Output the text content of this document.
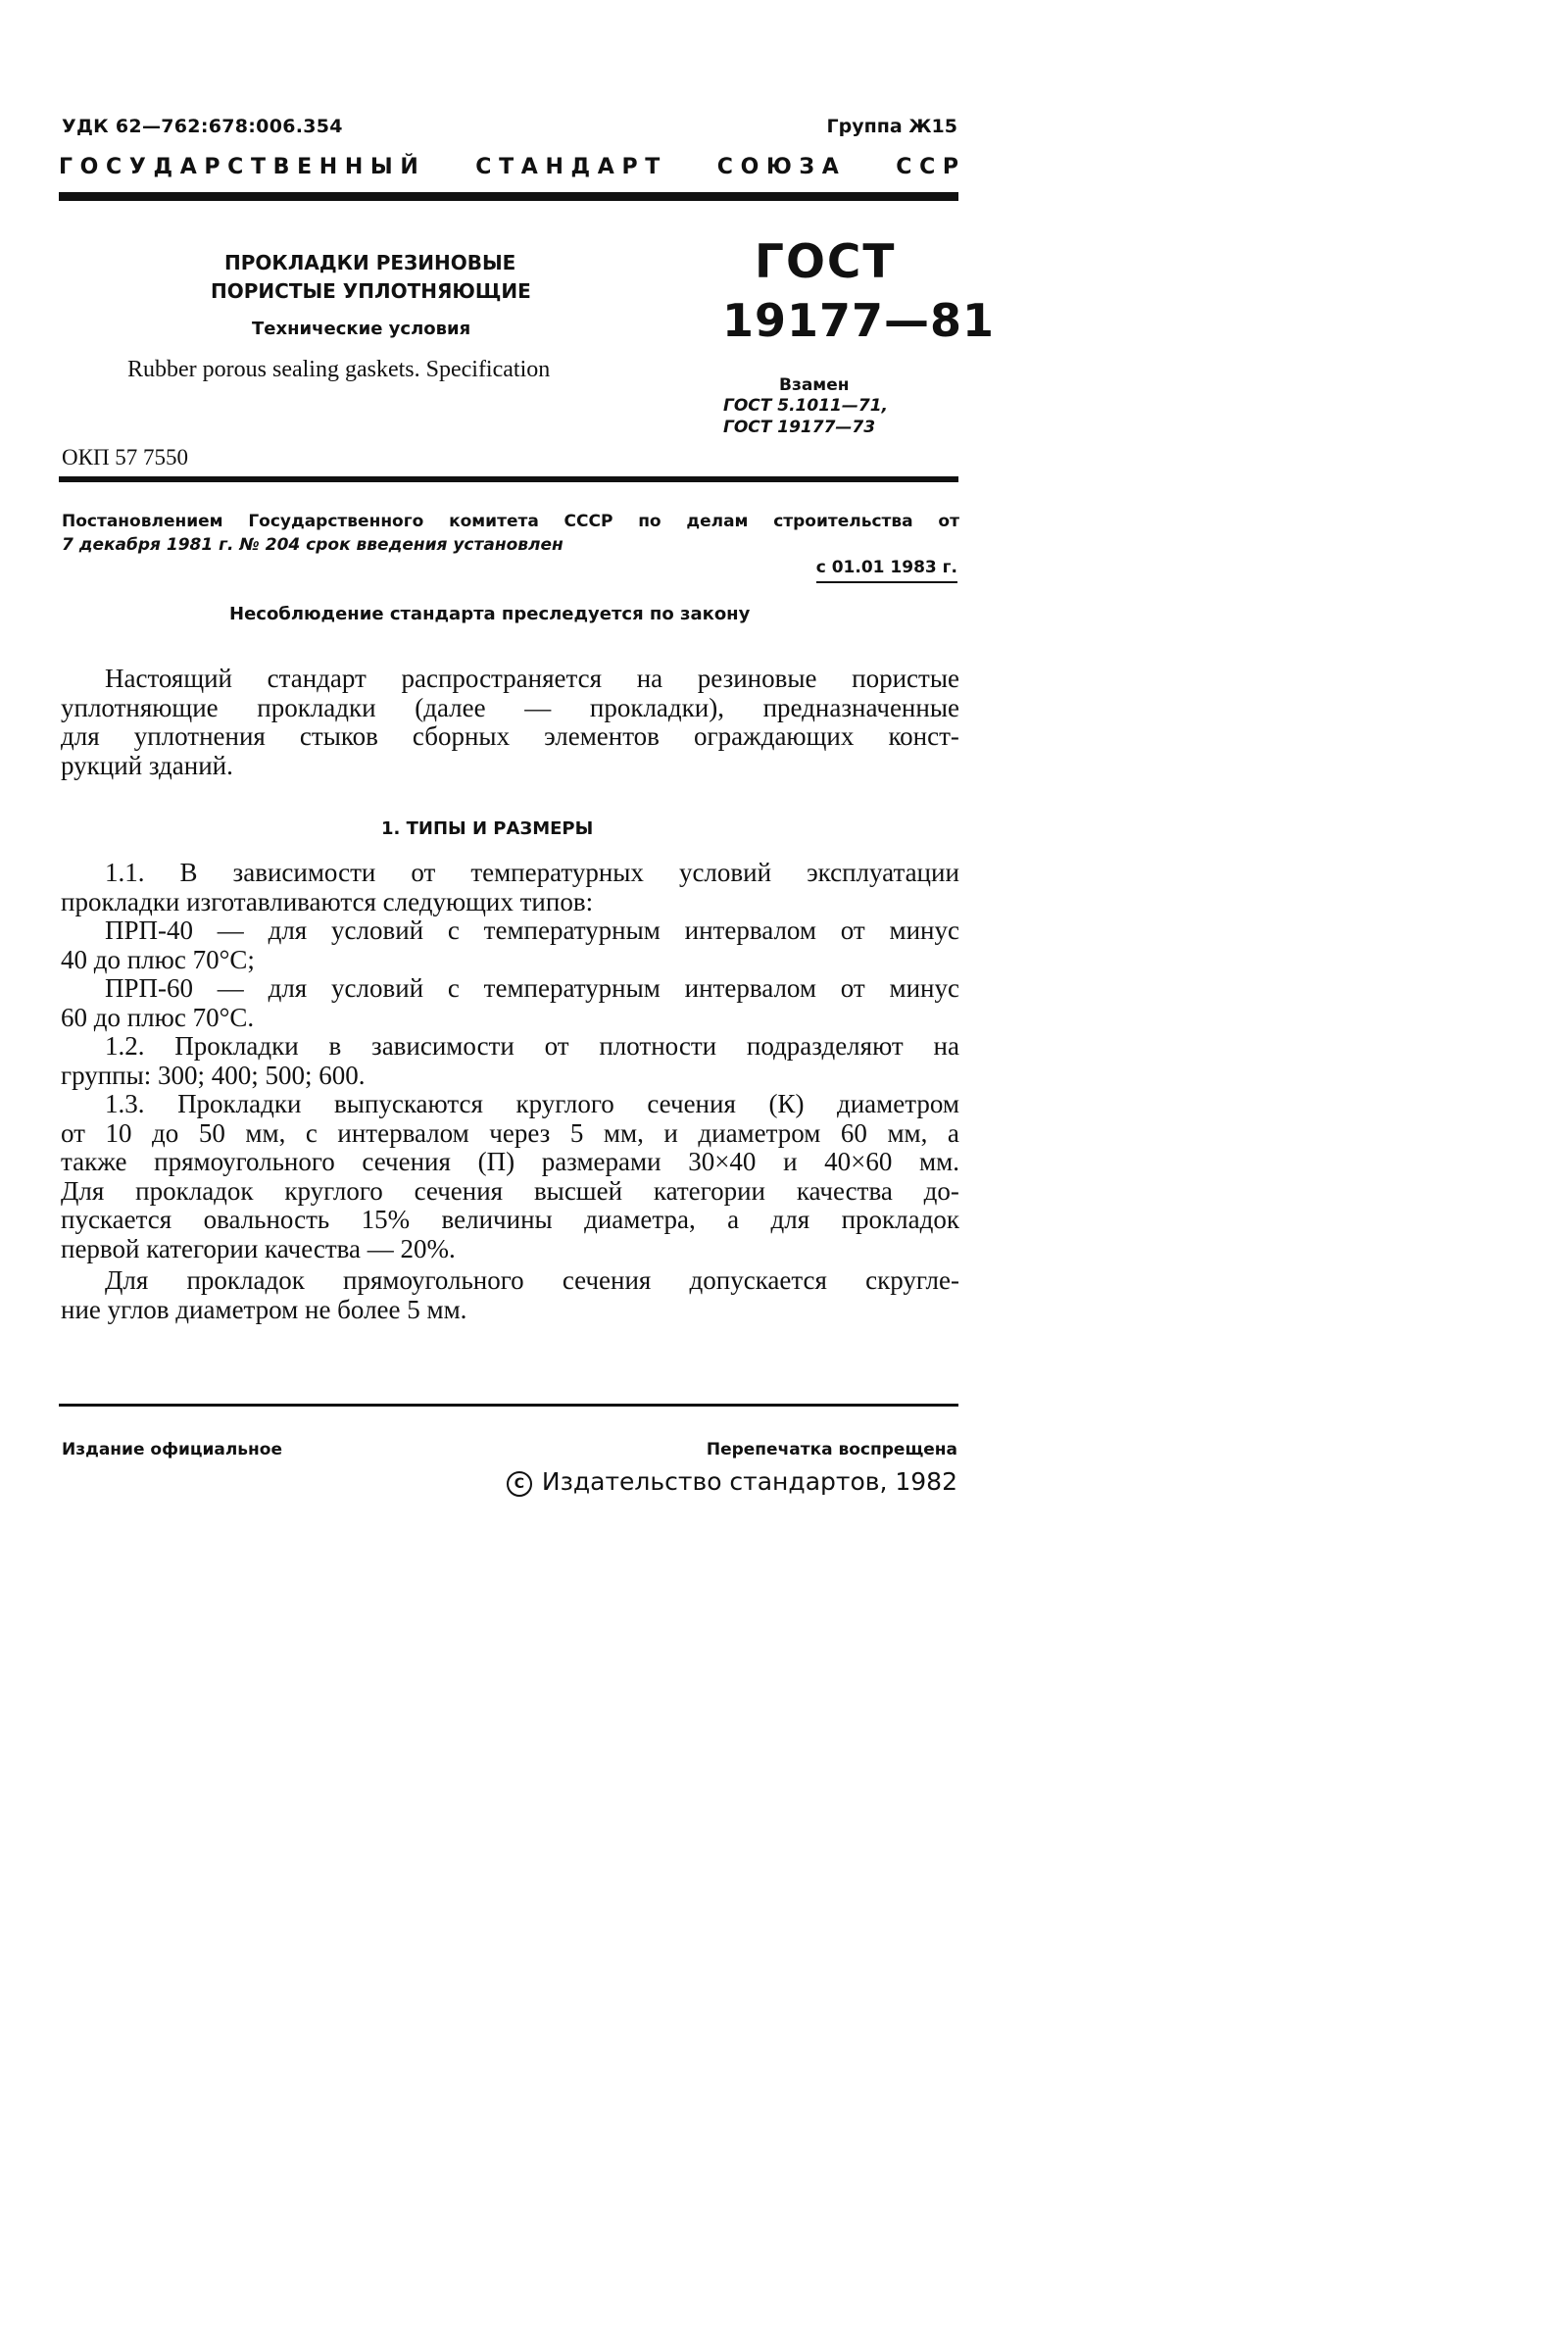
УДК 62—762:678:006.354	Группа Ж15
Г О С У Д А Р С Т В Е Н Н Ы Й	С Т А Н Д А Р Т	С О Ю З А	С С Р
ПРОКЛАДКИ РЕЗИНОВЫЕ
ПОРИСТЫЕ УПЛОТНЯЮЩИЕ
Технические условия
Rubber porous sealing gaskets. Specification
ОКП 57 7550
ГОСТ
19177—81
Взамен
ГОСТ 5.1011—71,
ГОСТ 19177—73
Постановлением Государственного комитета СССР по делам строительства от
7 декабря 1981 г. № 204 срок введения установлен
с 01.01 1983 г.
Несоблюдение стандарта преследуется по закону
Настоящий стандарт распространяется на резиновые пористые
уплотняющие прокладки (далее — прокладки), предназначенные
для уплотнения стыков сборных элементов ограждающих конст-
рукций зданий.
1. ТИПЫ И РАЗМЕРЫ
1.1. В зависимости от температурных условий эксплуатации
прокладки изготавливаются следующих типов:
ПРП-40 — для условий с температурным интервалом от минус
40 до плюс 70°С;
ПРП-60 — для условий с температурным интервалом от минус
60 до плюс 70°С.
1.2. Прокладки в зависимости от плотности подразделяют на
группы: 300; 400; 500; 600.
1.3. Прокладки выпускаются круглого сечения (К) диаметром
от 10 до 50 мм, с интервалом через 5 мм, и диаметром 60 мм, а
также прямоугольного сечения (П) размерами 30×40 и 40×60 мм.
Для прокладок круглого сечения высшей категории качества до-
пускается овальность 15% величины диаметра, а для прокладок
первой категории качества — 20%.
Для прокладок прямоугольного сечения допускается скругле-
ние углов диаметром не более 5 мм.
Издание официальное	Перепечатка воспрещена
C Издательство стандартов, 1982
